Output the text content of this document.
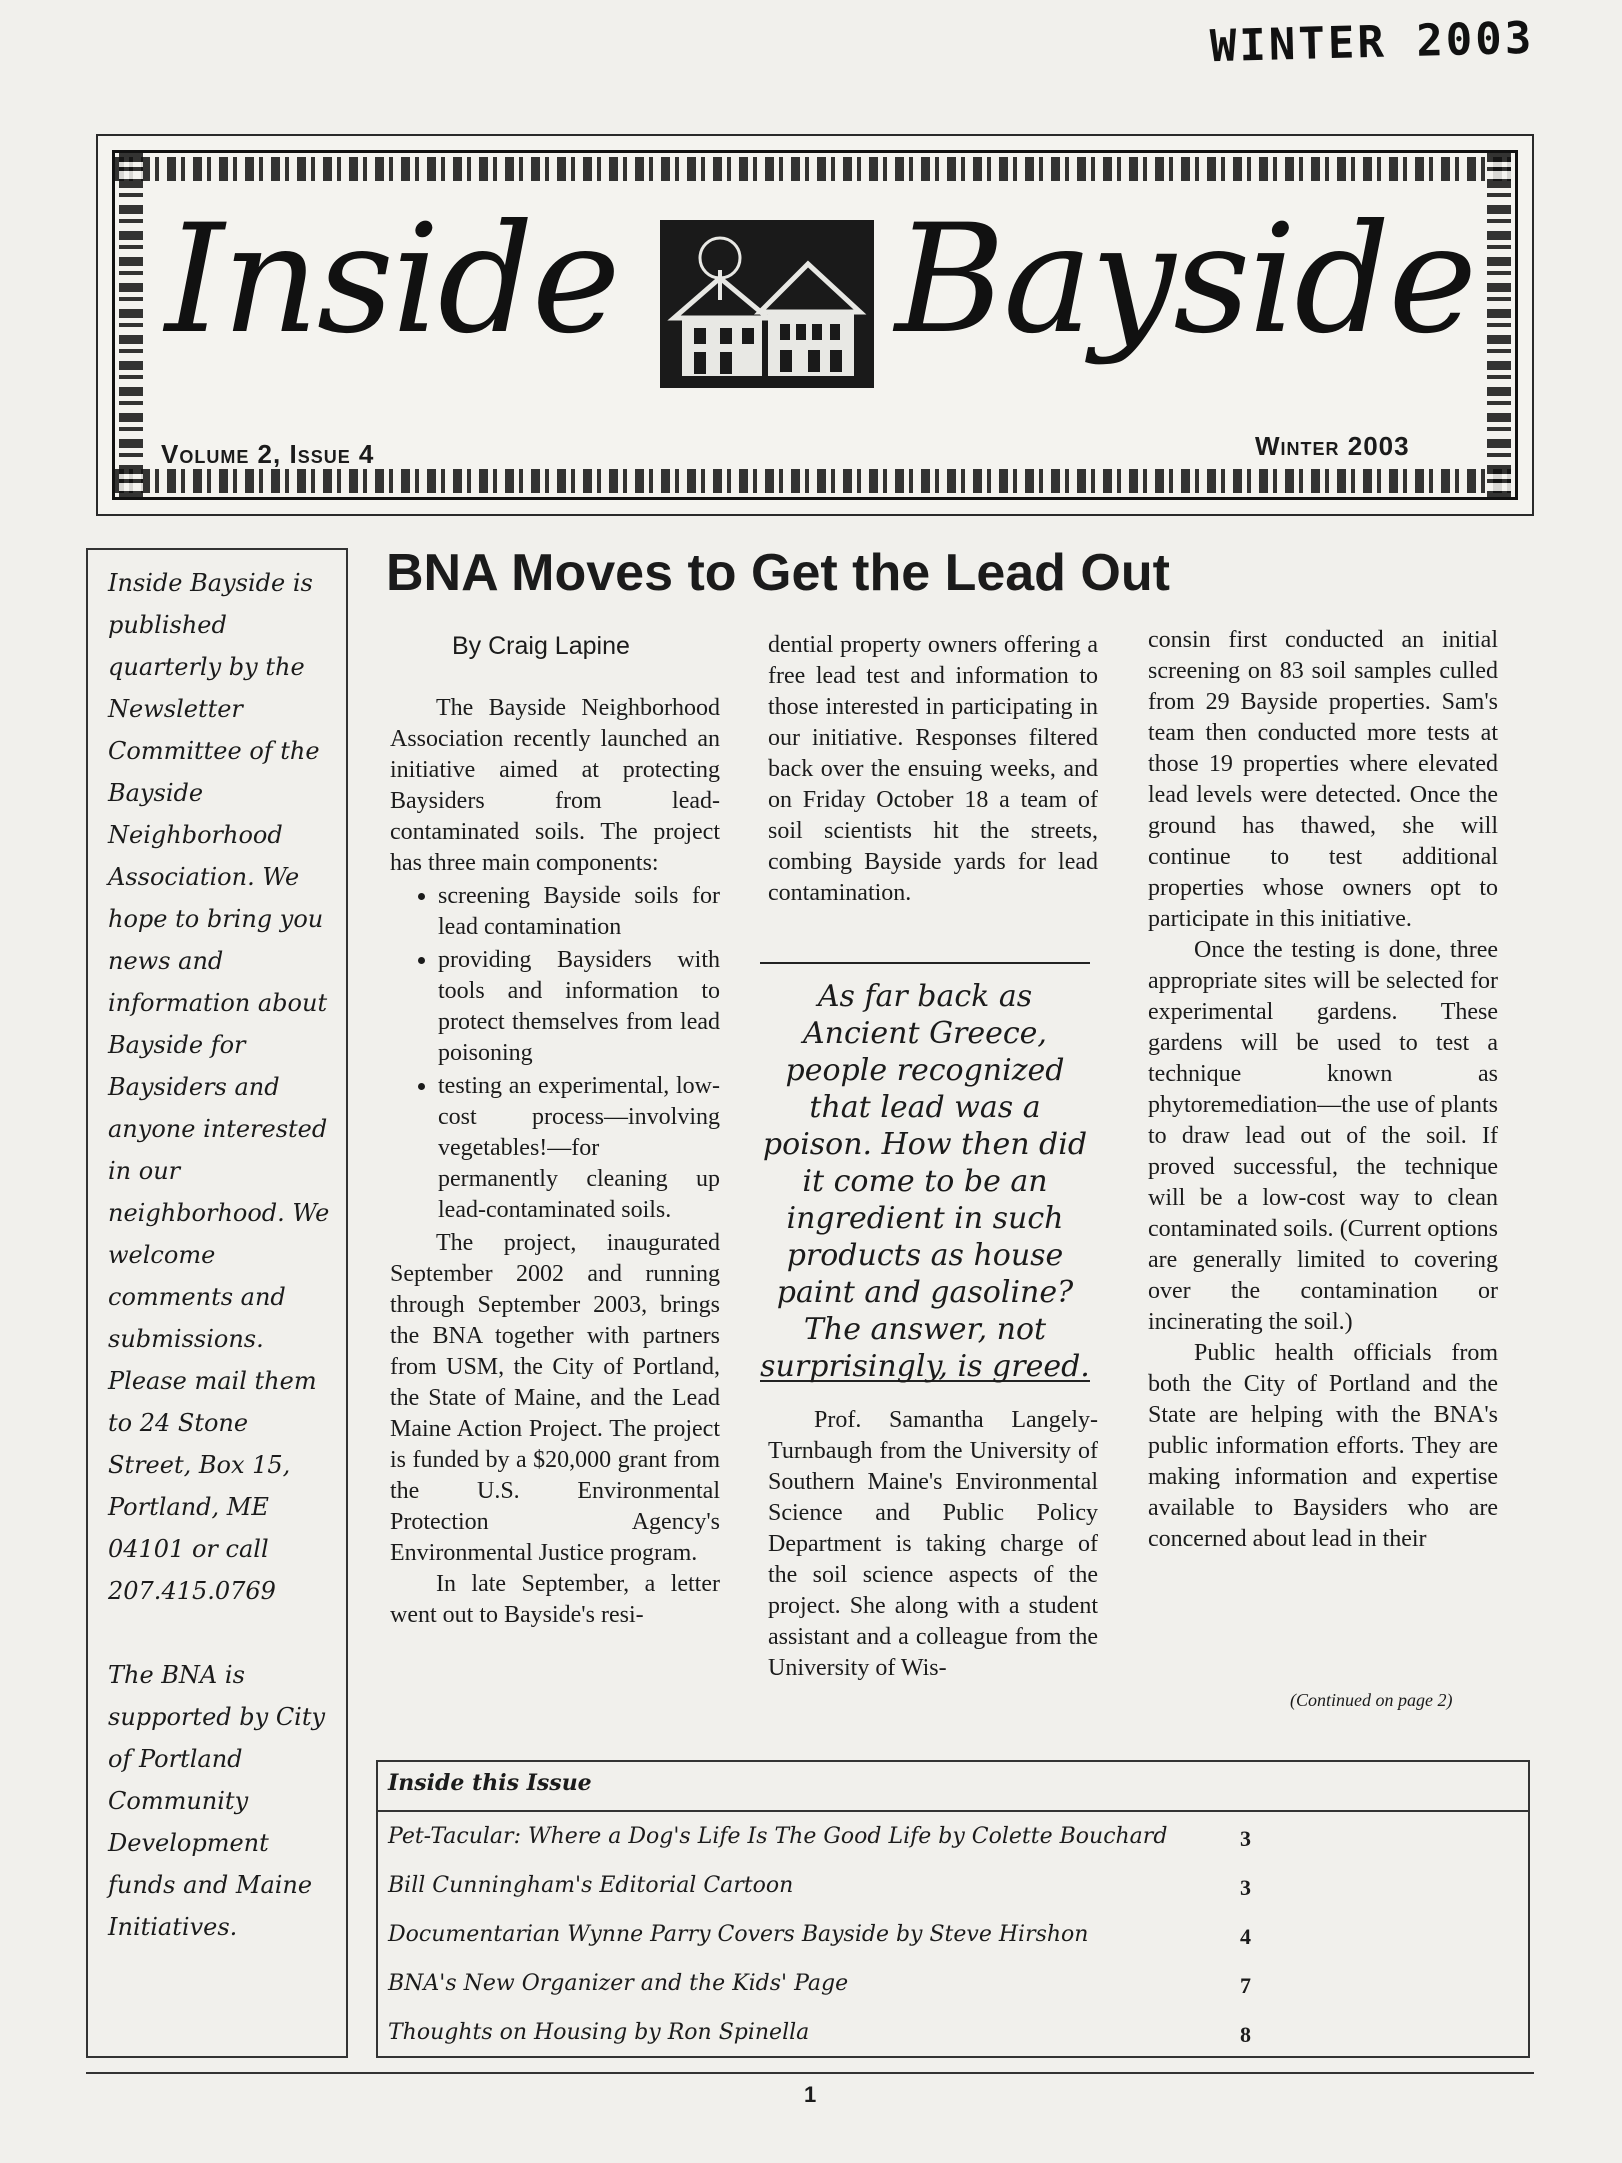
WINTER 2003
Inside Bayside
Volume 2, Issue 4	Winter 2003

Inside Bayside is published quarterly by the Newsletter Committee of the Bayside Neighborhood Association. We hope to bring you news and information about Bayside for Baysiders and anyone interested in our neighborhood. We welcome comments and submissions. Please mail them to 24 Stone Street, Box 15, Portland, ME 04101 or call 207.415.0769

The BNA is supported by City of Portland Community Development funds and Maine Initiatives.

BNA Moves to Get the Lead Out
By Craig Lapine

The Bayside Neighborhood Association recently launched an initiative aimed at protecting Baysiders from lead-contaminated soils. The project has three main components:

• screening Bayside soils for lead contamination
• providing Baysiders with tools and information to protect themselves from lead poisoning
• testing an experimental, low-cost process—involving vegetables!—for permanently cleaning up lead-contaminated soils.

The project, inaugurated September 2002 and running through September 2003, brings the BNA together with partners from USM, the City of Portland, the State of Maine, and the Lead Maine Action Project. The project is funded by a $20,000 grant from the U.S. Environmental Protection Agency's Environmental Justice program.

In late September, a letter went out to Bayside's resi-

dential property owners offering a free lead test and information to those interested in participating in our initiative. Responses filtered back over the ensuing weeks, and on Friday October 18 a team of soil scientists hit the streets, combing Bayside yards for lead contamination.

As far back as Ancient Greece, people recognized that lead was a poison. How then did it come to be an ingredient in such products as house paint and gasoline? The answer, not surprisingly, is greed.

Prof. Samantha Langely-Turnbaugh from the University of Southern Maine's Environmental Science and Public Policy Department is taking charge of the soil science aspects of the project. She along with a student assistant and a colleague from the University of Wis-

consin first conducted an initial screening on 83 soil samples culled from 29 Bayside properties. Sam's team then conducted more tests at those 19 properties where elevated lead levels were detected. Once the ground has thawed, she will continue to test additional properties whose owners opt to participate in this initiative.

Once the testing is done, three appropriate sites will be selected for experimental gardens. These gardens will be used to test a technique known as phytoremediation—the use of plants to draw lead out of the soil. If proved successful, the technique will be a low-cost way to clean contaminated soils. (Current options are generally limited to covering over the contamination or incinerating the soil.)

Public health officials from both the City of Portland and the State are helping with the BNA's public information efforts. They are making information and expertise available to Baysiders who are concerned about lead in their

(Continued on page 2)
Inside this Issue
Pet-Tacular: Where a Dog's Life Is The Good Life by Colette Bouchard	3
Bill Cunningham's Editorial Cartoon	3
Documentarian Wynne Parry Covers Bayside by Steve Hirshon	4
BNA's New Organizer and the Kids' Page	7
Thoughts on Housing by Ron Spinella	8
1
